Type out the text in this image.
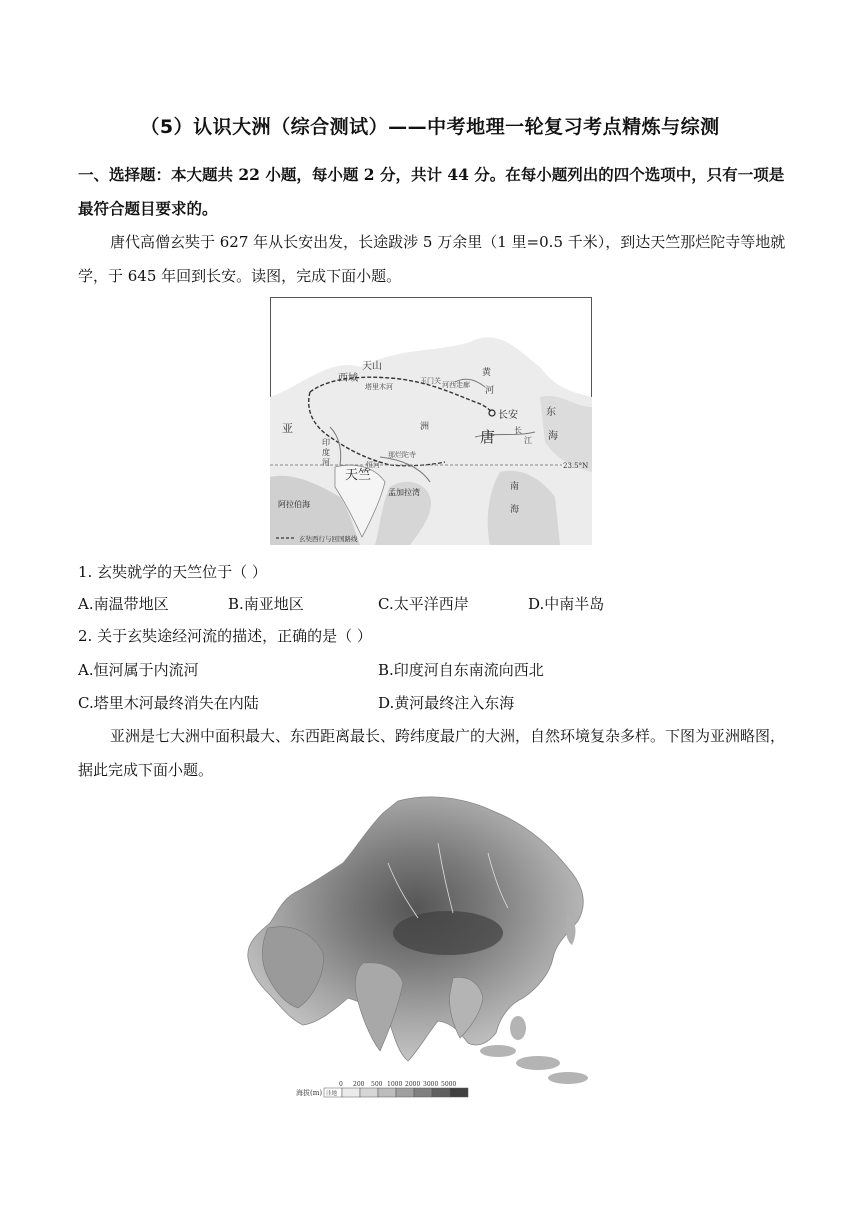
（5）认识大洲（综合测试）——中考地理一轮复习考点精炼与综测
一、选择题：本大题共 22 小题，每小题 2 分，共计 44 分。在每小题列出的四个选项中，只有一项是最符合题目要求的。
唐代高僧玄奘于 627 年从长安出发，长途跋涉 5 万余里（1 里=0.5 千米），到达天竺那烂陀寺等地就学，于 645 年回到长安。读图，完成下面小题。
天山
西域
塔里木河
玉门关 河西走廊
黄
河
长安
唐 长
江
东
海
亚	洲
印
度
河
那烂陀寺
天竺
恒河
南
海
阿拉伯海
孟加拉湾
23.5°N
玄奘西行与回国路线
1. 玄奘就学的天竺位于（ ）
A.南温带地区	B.南亚地区	C.太平洋西岸	D.中南半岛
2. 关于玄奘途经河流的描述，正确的是（ ）
A.恒河属于内流河	B.印度河自东南流向西北
C.塔里木河最终消失在内陆	D.黄河最终注入东海
亚洲是七大洲中面积最大、东西距离最长、跨纬度最广的大洲，自然环境复杂多样。下图为亚洲略图，据此完成下面小题。
海拔(m) 洼地
0 200 500 1000 2000 3000 5000
